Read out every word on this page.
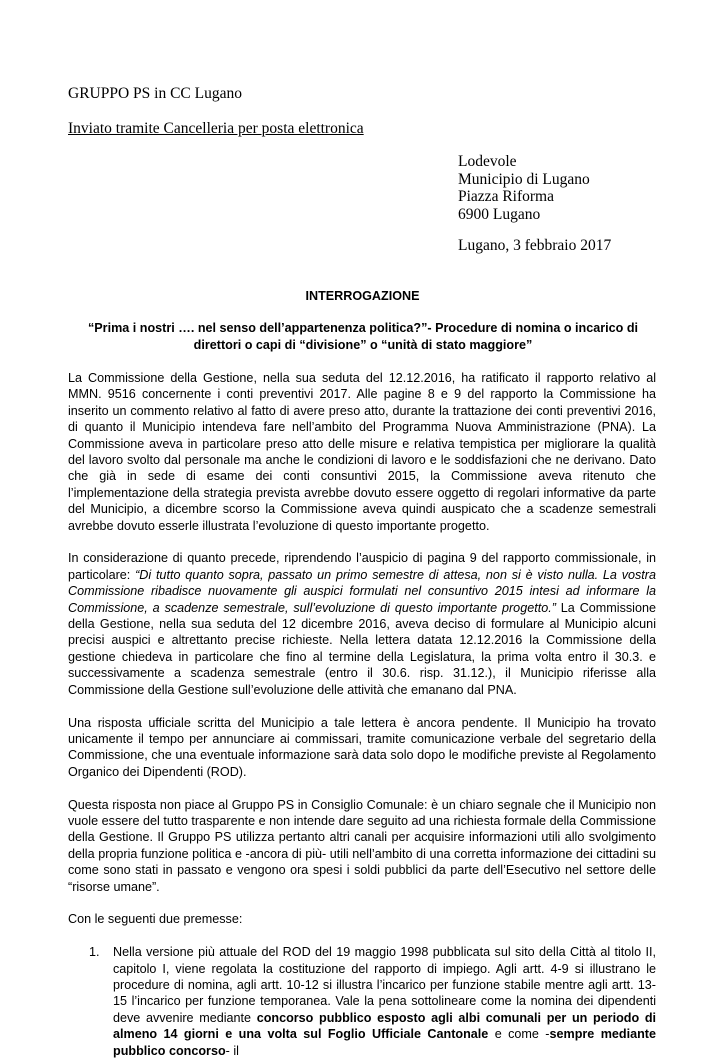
GRUPPO PS in CC Lugano
Inviato tramite Cancelleria per posta elettronica
Lodevole
Municipio di Lugano
Piazza Riforma
6900 Lugano
Lugano, 3 febbraio 2017
INTERROGAZIONE
“Prima i nostri …. nel senso dell’appartenenza politica?”- Procedure di nomina o incarico di direttori o capi di “divisione” o “unità di stato maggiore”

La Commissione della Gestione, nella sua seduta del 12.12.2016, ha ratificato il rapporto relativo al MMN. 9516 concernente i conti preventivi 2017. Alle pagine 8 e 9 del rapporto la Commissione ha inserito un commento relativo al fatto di avere preso atto, durante la trattazione dei conti preventivi 2016, di quanto il Municipio intendeva fare nell’ambito del Programma Nuova Amministrazione (PNA). La Commissione aveva in particolare preso atto delle misure e relativa tempistica per migliorare la qualità del lavoro svolto dal personale ma anche le condizioni di lavoro e le soddisfazioni che ne derivano. Dato che già in sede di esame dei conti consuntivi 2015, la Commissione aveva ritenuto che l’implementazione della strategia prevista avrebbe dovuto essere oggetto di regolari informative da parte del Municipio, a dicembre scorso la Commissione aveva quindi auspicato che a scadenze semestrali avrebbe dovuto esserle illustrata l’evoluzione di questo importante progetto.

In considerazione di quanto precede, riprendendo l’auspicio di pagina 9 del rapporto commissionale, in particolare: “Di tutto quanto sopra, passato un primo semestre di attesa, non si è visto nulla. La vostra Commissione ribadisce nuovamente gli auspici formulati nel consuntivo 2015 intesi ad informare la Commissione, a scadenze semestrale, sull’evoluzione di questo importante progetto.” La Commissione della Gestione, nella sua seduta del 12 dicembre 2016, aveva deciso di formulare al Municipio alcuni precisi auspici e altrettanto precise richieste. Nella lettera datata 12.12.2016 la Commissione della gestione chiedeva in particolare che fino al termine della Legislatura, la prima volta entro il 30.3. e successivamente a scadenza semestrale (entro il 30.6. risp. 31.12.), il Municipio riferisse alla Commissione della Gestione sull’evoluzione delle attività che emanano dal PNA.

Una risposta ufficiale scritta del Municipio a tale lettera è ancora pendente. Il Municipio ha trovato unicamente il tempo per annunciare ai commissari, tramite comunicazione verbale del segretario della Commissione, che una eventuale informazione sarà data solo dopo le modifiche previste al Regolamento Organico dei Dipendenti (ROD).

Questa risposta non piace al Gruppo PS in Consiglio Comunale: è un chiaro segnale che il Municipio non vuole essere del tutto trasparente e non intende dare seguito ad una richiesta formale della Commissione della Gestione. Il Gruppo PS utilizza pertanto altri canali per acquisire informazioni utili allo svolgimento della propria funzione politica e -ancora di più- utili nell’ambito di una corretta informazione dei cittadini su come sono stati in passato e vengono ora spesi i soldi pubblici da parte dell’Esecutivo nel settore delle “risorse umane”.

Con le seguenti due premesse:

1.	Nella versione più attuale del ROD del 19 maggio 1998 pubblicata sul sito della Città al titolo II, capitolo I, viene regolata la costituzione del rapporto di impiego. Agli artt. 4-9 si illustrano le procedure di nomina, agli artt. 10-12 si illustra l’incarico per funzione stabile mentre agli artt. 13-15 l’incarico per funzione temporanea. Vale la pena sottolineare come la nomina dei dipendenti deve avvenire mediante concorso pubblico esposto agli albi comunali per un periodo di almeno 14 giorni e una volta sul Foglio Ufficiale Cantonale e come -sempre mediante pubblico concorso- il
